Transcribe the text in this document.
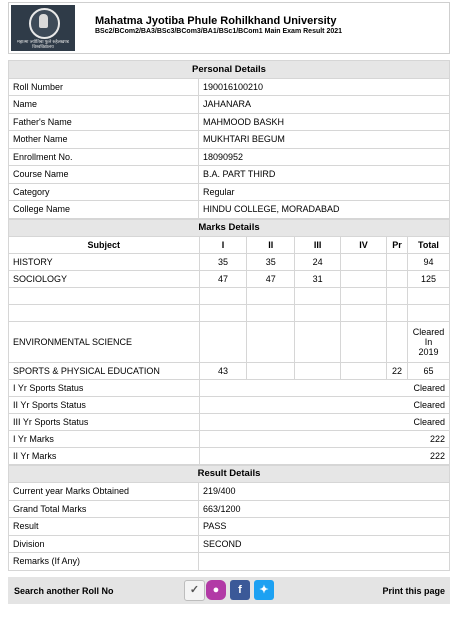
महात्मा ज्योतिबा फुले रुहेलखण्ड विश्वविद्यालय
Mahatma Jyotiba Phule Rohilkhand University
BSc2/BCom2/BA3/BSc3/BCom3/BA1/BSc1/BCom1 Main Exam Result 2021
Personal Details	
Roll Number	190016100210
Name	JAHANARA
Father's Name	MAHMOOD BASKH
Mother Name	MUKHTARI BEGUM
Enrollment No.	18090952
Course Name	B.A. PART THIRD
Category	Regular
College Name	HINDU COLLEGE, MORADABAD
Marks Details						
Subject	I	II	III	IV	Pr	Total
HISTORY	35	35	24			94
SOCIOLOGY	47	47	31			125

ENVIRONMENTAL SCIENCE						Cleared
In
2019

SPORTS & PHYSICAL EDUCATION	43				22	65
I Yr Sports Status	Cleared					
II Yr Sports Status	Cleared					
III Yr Sports Status	Cleared					
I Yr Marks	222					
II Yr Marks	222					
Result Details	
Current year Marks Obtained	219/400
Grand Total Marks	663/1200
Result	PASS
Division	SECOND
Remarks (If Any)	
Search another Roll No	✓	●	f	✦	Print this page
